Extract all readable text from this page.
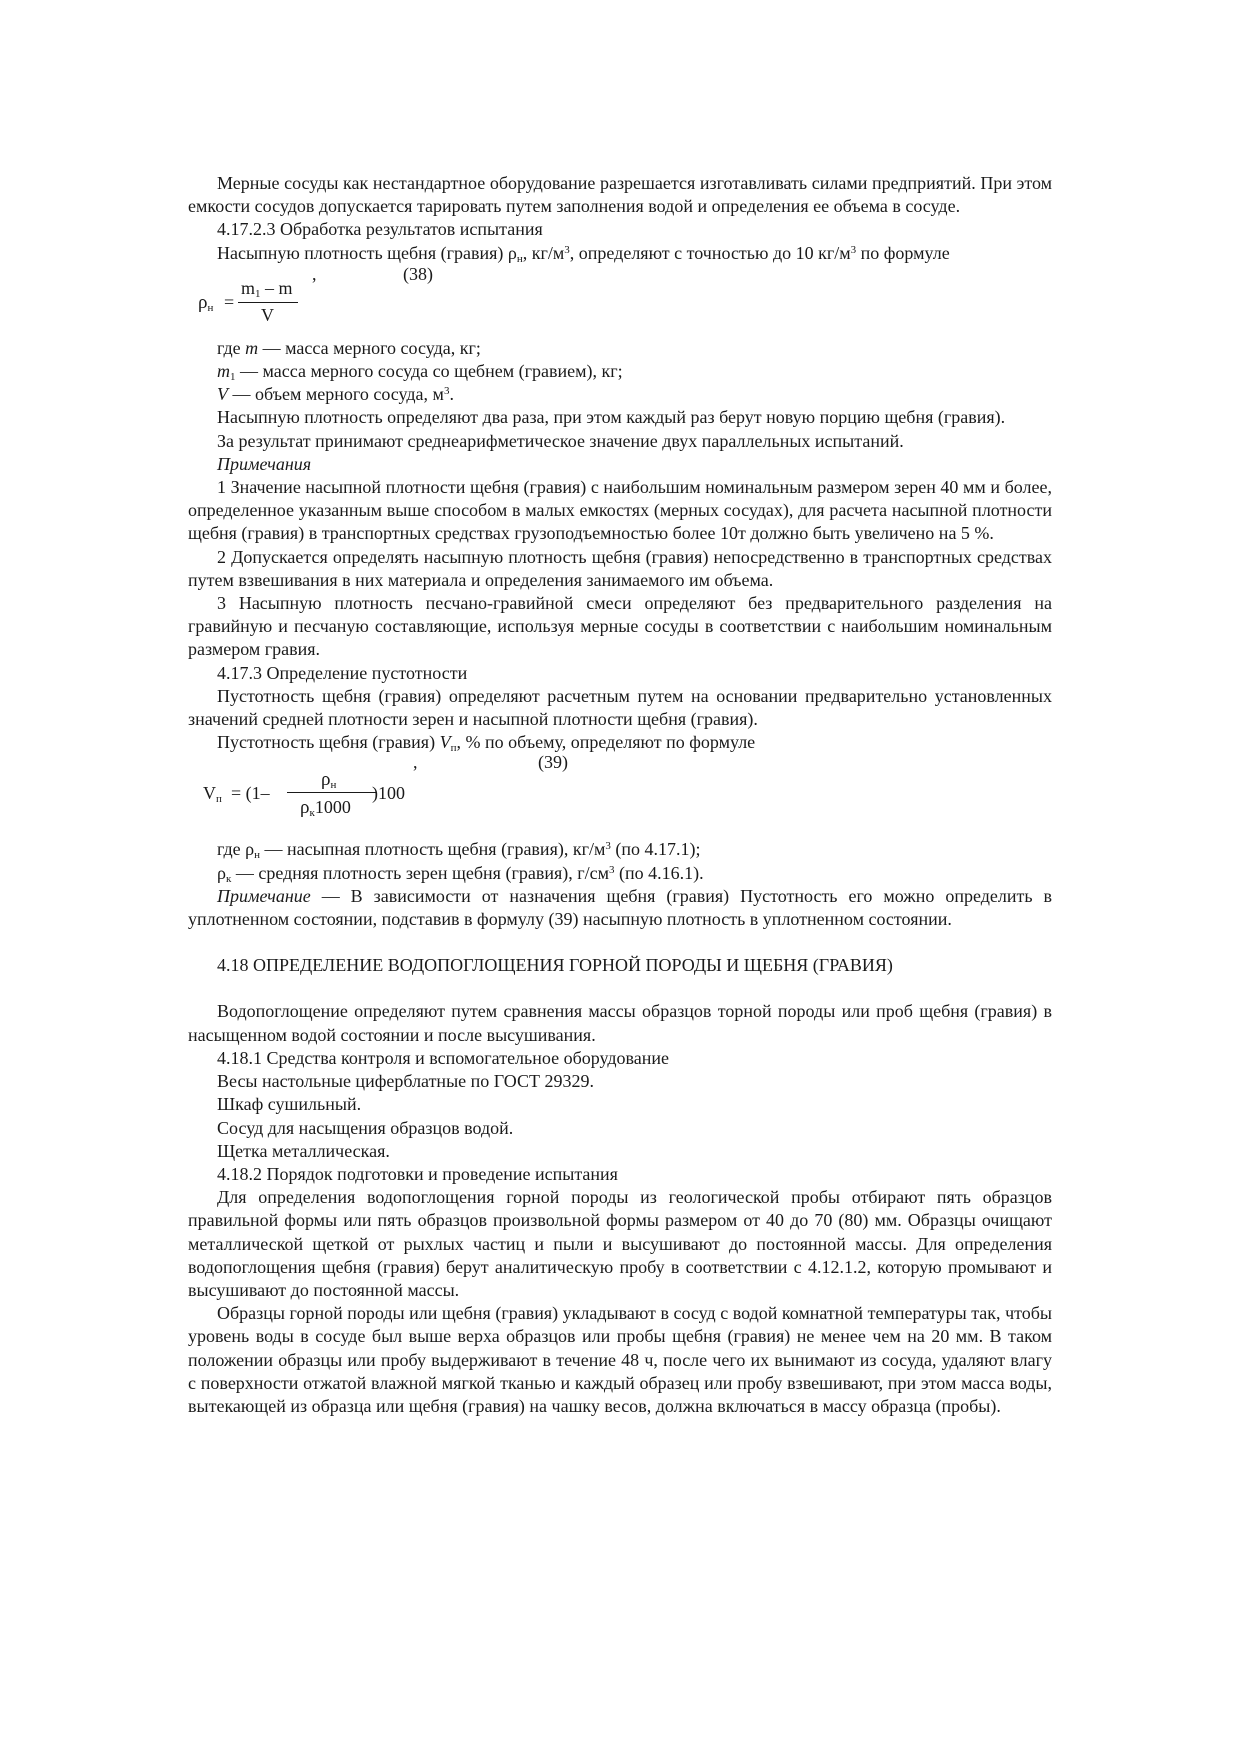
Мерные сосуды как нестандартное оборудование разрешается изготавливать силами предприятий. При этом емкости сосудов допускается тарировать путем заполнения водой и определения ее объема в сосуде.

4.17.2.3 Обработка результатов испытания

Насыпную плотность щебня (гравия) $\rho_н$, $кг/м^3$, определяют с точностью до 10 $кг/м^3$ по формуле

,	(38)
$\rho_н$ =
$m_1$ – m
V

где m — масса мерного сосуда, кг;

$m_1$ — масса мерного сосуда со щебнем (гравием), кг;

V — объем мерного сосуда, $м^3$.

Насыпную плотность определяют два раза, при этом каждый раз берут новую порцию щебня (гравия).

За результат принимают среднеарифметическое значение двух параллельных испытаний.

Примечания

1 Значение насыпной плотности щебня (гравия) с наибольшим номинальным размером зерен 40 мм и более, определенное указанным выше способом в малых емкостях (мерных сосудах), для расчета насыпной плотности щебня (гравия) в транспортных средствах грузоподъемностью более 10т должно быть увеличено на 5 %.

2 Допускается определять насыпную плотность щебня (гравия) непосредственно в транспортных средствах путем взвешивания в них материала и определения занимаемого им объема.

3 Насыпную плотность песчано-гравийной смеси определяют без предварительного разделения на гравийную и песчаную составляющие, используя мерные сосуды в соответствии с наибольшим номинальным размером гравия.

4.17.3 Определение пустотности

Пустотность щебня (гравия) определяют расчетным путем на основании предварительно установленных значений средней плотности зерен и насыпной плотности щебня (гравия).

Пустотность щебня (гравия) $V_п$, % по объему, определяют по формуле

,	(39)
$V_п = (1-$
$\rho_н$
$\rho_к1000$
)100

где $\rho_н$ — насыпная плотность щебня (гравия), $кг/м^3$ (по 4.17.1);

$\rho_к$ — средняя плотность зерен щебня (гравия), $г/см^3$ (по 4.16.1).

Примечание — В зависимости от назначения щебня (гравия) Пустотность его можно определить в уплотненном состоянии, подставив в формулу (39) насыпную плотность в уплотненном состоянии.

4.18 ОПРЕДЕЛЕНИЕ ВОДОПОГЛОЩЕНИЯ ГОРНОЙ ПОРОДЫ И ЩЕБНЯ (ГРАВИЯ)

Водопоглощение определяют путем сравнения массы образцов торной породы или проб щебня (гравия) в насыщенном водой состоянии и после высушивания.

4.18.1 Средства контроля и вспомогательное оборудование

Весы настольные циферблатные по ГОСТ 29329.

Шкаф сушильный.

Сосуд для насыщения образцов водой.

Щетка металлическая.

4.18.2 Порядок подготовки и проведение испытания

Для определения водопоглощения горной породы из геологической пробы отбирают пять образцов правильной формы или пять образцов произвольной формы размером от 40 до 70 (80) мм. Образцы очищают металлической щеткой от рыхлых частиц и пыли и высушивают до постоянной массы. Для определения водопоглощения щебня (гравия) берут аналитическую пробу в соответствии с 4.12.1.2, которую промывают и высушивают до постоянной массы.

Образцы горной породы или щебня (гравия) укладывают в сосуд с водой комнатной температуры так, чтобы уровень воды в сосуде был выше верха образцов или пробы щебня (гравия) не менее чем на 20 мм. В таком положении образцы или пробу выдерживают в течение 48 ч, после чего их вынимают из сосуда, удаляют влагу с поверхности отжатой влажной мягкой тканью и каждый образец или пробу взвешивают, при этом масса воды, вытекающей из образца или щебня (гравия) на чашку весов, должна включаться в массу образца (пробы).
